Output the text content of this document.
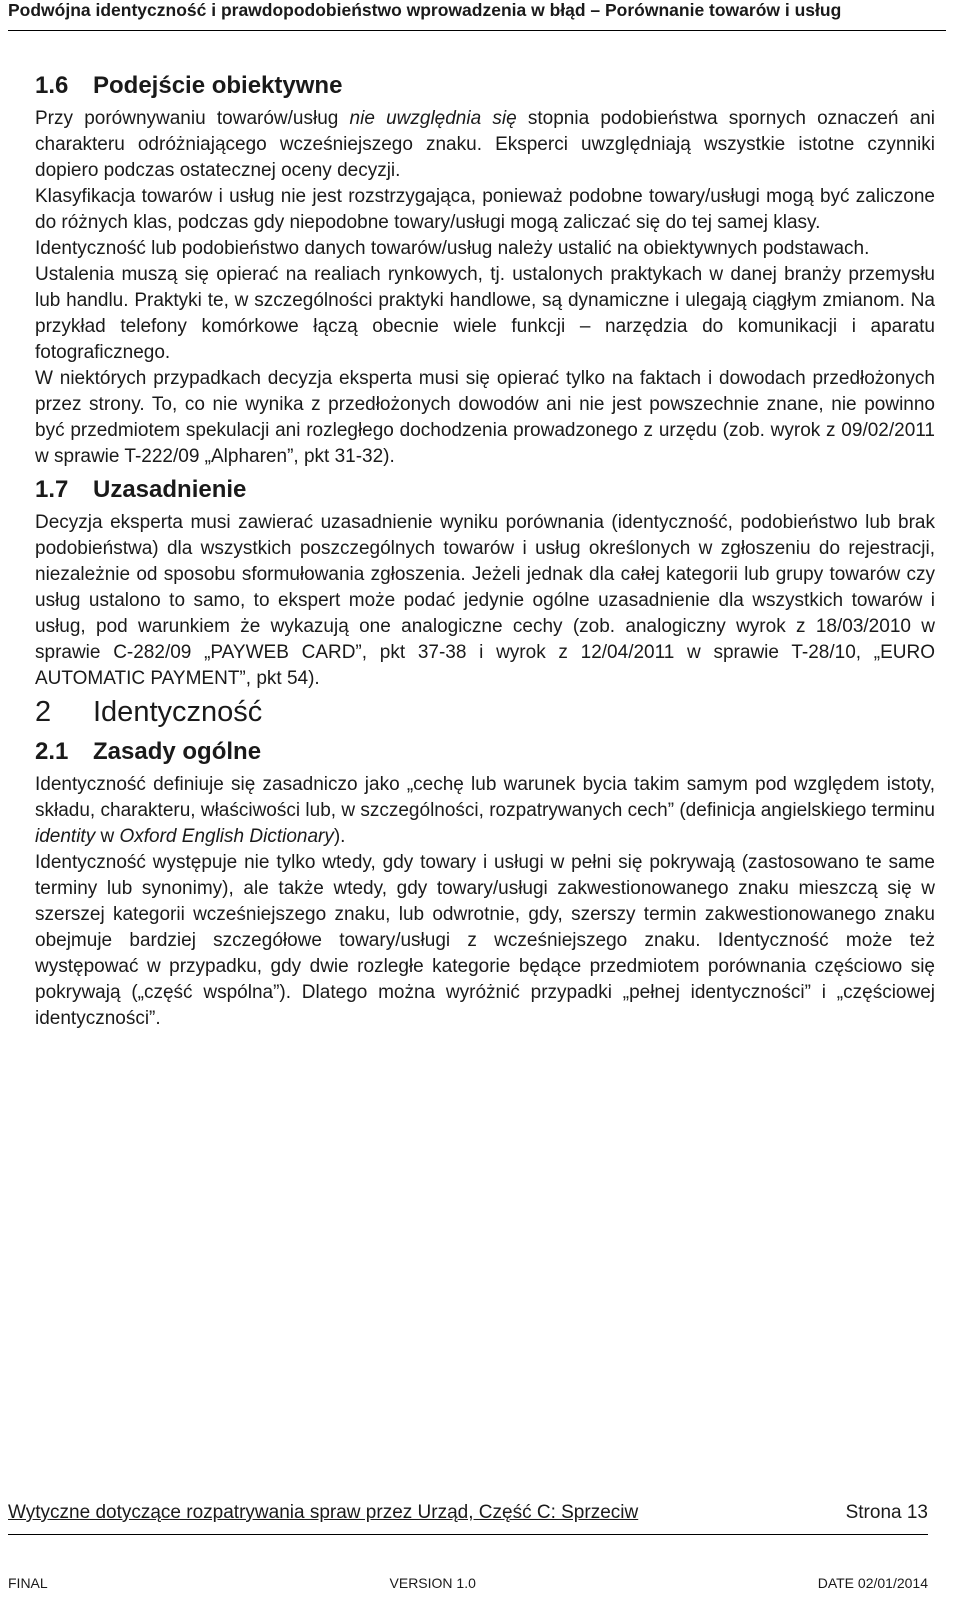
Podwójna identyczność i prawdopodobieństwo wprowadzenia w błąd – Porównanie towarów i usług
1.6	Podejście obiektywne

Przy porównywaniu towarów/usług nie uwzględnia się stopnia podobieństwa spornych oznaczeń ani charakteru odróżniającego wcześniejszego znaku. Eksperci uwzględniają wszystkie istotne czynniki dopiero podczas ostatecznej oceny decyzji.

Klasyfikacja towarów i usług nie jest rozstrzygająca, ponieważ podobne towary/usługi mogą być zaliczone do różnych klas, podczas gdy niepodobne towary/usługi mogą zaliczać się do tej samej klasy.

Identyczność lub podobieństwo danych towarów/usług należy ustalić na obiektywnych podstawach.

Ustalenia muszą się opierać na realiach rynkowych, tj. ustalonych praktykach w danej branży przemysłu lub handlu. Praktyki te, w szczególności praktyki handlowe, są dynamiczne i ulegają ciągłym zmianom. Na przykład telefony komórkowe łączą obecnie wiele funkcji – narzędzia do komunikacji i aparatu fotograficznego.

W niektórych przypadkach decyzja eksperta musi się opierać tylko na faktach i dowodach przedłożonych przez strony. To, co nie wynika z przedłożonych dowodów ani nie jest powszechnie znane, nie powinno być przedmiotem spekulacji ani rozległego dochodzenia prowadzonego z urzędu (zob. wyrok z 09/02/2011 w sprawie T-222/09 „Alpharen”, pkt 31-32).

1.7	Uzasadnienie

Decyzja eksperta musi zawierać uzasadnienie wyniku porównania (identyczność, podobieństwo lub brak podobieństwa) dla wszystkich poszczególnych towarów i usług określonych w zgłoszeniu do rejestracji, niezależnie od sposobu sformułowania zgłoszenia. Jeżeli jednak dla całej kategorii lub grupy towarów czy usług ustalono to samo, to ekspert może podać jedynie ogólne uzasadnienie dla wszystkich towarów i usług, pod warunkiem że wykazują one analogiczne cechy (zob. analogiczny wyrok z 18/03/2010 w sprawie C-282/09 „PAYWEB CARD”, pkt 37-38 i wyrok z 12/04/2011 w sprawie T-28/10, „EURO AUTOMATIC PAYMENT”, pkt 54).

2	Identyczność
2.1	Zasady ogólne

Identyczność definiuje się zasadniczo jako „cechę lub warunek bycia takim samym pod względem istoty, składu, charakteru, właściwości lub, w szczególności, rozpatrywanych cech” (definicja angielskiego terminu identity w Oxford English Dictionary).

Identyczność występuje nie tylko wtedy, gdy towary i usługi w pełni się pokrywają (zastosowano te same terminy lub synonimy), ale także wtedy, gdy towary/usługi zakwestionowanego znaku mieszczą się w szerszej kategorii wcześniejszego znaku, lub odwrotnie, gdy, szerszy termin zakwestionowanego znaku obejmuje bardziej szczegółowe towary/usługi z wcześniejszego znaku. Identyczność może też występować w przypadku, gdy dwie rozległe kategorie będące przedmiotem porównania częściowo się pokrywają („część wspólna”). Dlatego można wyróżnić przypadki „pełnej identyczności” i „częściowej identyczności”.

Wytyczne dotyczące rozpatrywania spraw przez Urząd, Część C: Sprzeciw	Strona 13
FINAL	VERSION 1.0	DATE 02/01/2014
